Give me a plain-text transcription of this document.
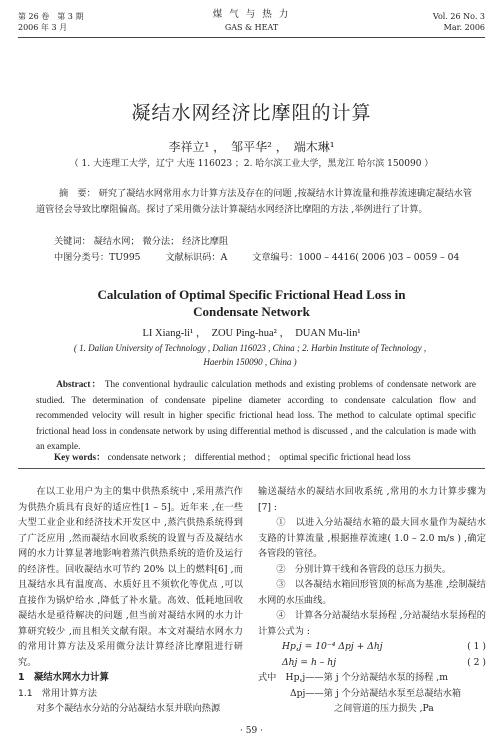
第 26 卷　第 3 期
2006 年 3 月
煤 气 与 热 力
GAS & HEAT
Vol. 26 No. 3
Mar. 2006
凝结水网经济比摩阻的计算
李祥立¹ ，　邹平华² ，　端木琳¹
（ 1. 大连理工大学，辽宁 大连 116023 ；2. 哈尔滨工业大学，黑龙江 哈尔滨 150090 ）
摘　要： 研究了凝结水网常用水力计算方法及存在的问题 ,按凝结水计算流量和推荐流速确定凝结水管道管径会导致比摩阻偏高。探讨了采用微分法计算凝结水网经济比摩阻的方法 ,举例进行了计算。
关键词： 凝结水网； 微分法； 经济比摩阻
中图分类号：TU995	文献标识码：A	文章编号：1000 – 4416( 2006 )03 – 0059 – 04
Calculation of Optimal Specific Frictional Head Loss in
Condensate Network
LI Xiang-li¹ ，　ZOU Ping-hua² ，　DUAN Mu-lin¹
( 1. Dalian University of Technology , Dalian 116023 , China ; 2. Harbin Institute of Technology ,
Haerbin 150090 , China )
Abstract： The conventional hydraulic calculation methods and existing problems of condensate network are studied. The determination of condensate pipeline diameter according to condensate calculation flow and recommended velocity will result in higher specific frictional head loss. The method to calculate optimal specific frictional head loss in condensate network by using differential method is discussed , and the calculation is made with an example.
Key words： condensate network ;　differential method ;　optimal specific frictional head loss

在以工业用户为主的集中供热系统中 ,采用蒸汽作为供热介质具有良好的适应性[1 – 5]。近年来 ,在一些大型工业企业和经济技术开发区中 ,蒸汽供热系统得到了广泛应用 ,然而凝结水回收系统的设置与否及凝结水网的水力计算显著地影响着蒸汽供热系统的造价及运行的经济性。回收凝结水可节约 20% 以上的燃料[6] ,而且凝结水具有温度高、水质好且不须软化等优点 ,可以直接作为锅炉给水 ,降低了补水量。高效、低耗地回收凝结水是亟待解决的问题 ,但当前对凝结水网的水力计算研究较少 ,而且相关文献有限。本文对凝结水网水力的常用计算方法及采用微分法计算经济比摩阻进行研究。

1　凝结水网水力计算

1.1　常用计算方法

对多个凝结水分站的分站凝结水泵并联向热源

输送凝结水的凝结水回收系统 ,常用的水力计算步骤为[7] :

①　以进入分站凝结水箱的最大回水量作为凝结水支路的计算流量 ,根据推荐流速( 1.0 – 2.0 m/s ) ,确定各管段的管径。

②　分别计算干线和各管段的总压力损失。

③　以各凝结水箱回形管顶的标高为基准 ,绘制凝结水网的水压曲线。

④　计算各分站凝结水泵扬程 ,分站凝结水泵扬程的计算公式为 :

Hp,j = 10⁻⁴ Δpj + Δhj	( 1 )
Δhj = h – hj	( 2 )

式中　Hp,j——第 j 个分站凝结水泵的扬程 ,m

Δpj——第 j 个分站凝结水泵至总凝结水箱

之间管道的压力损失 ,Pa

· 59 ·
